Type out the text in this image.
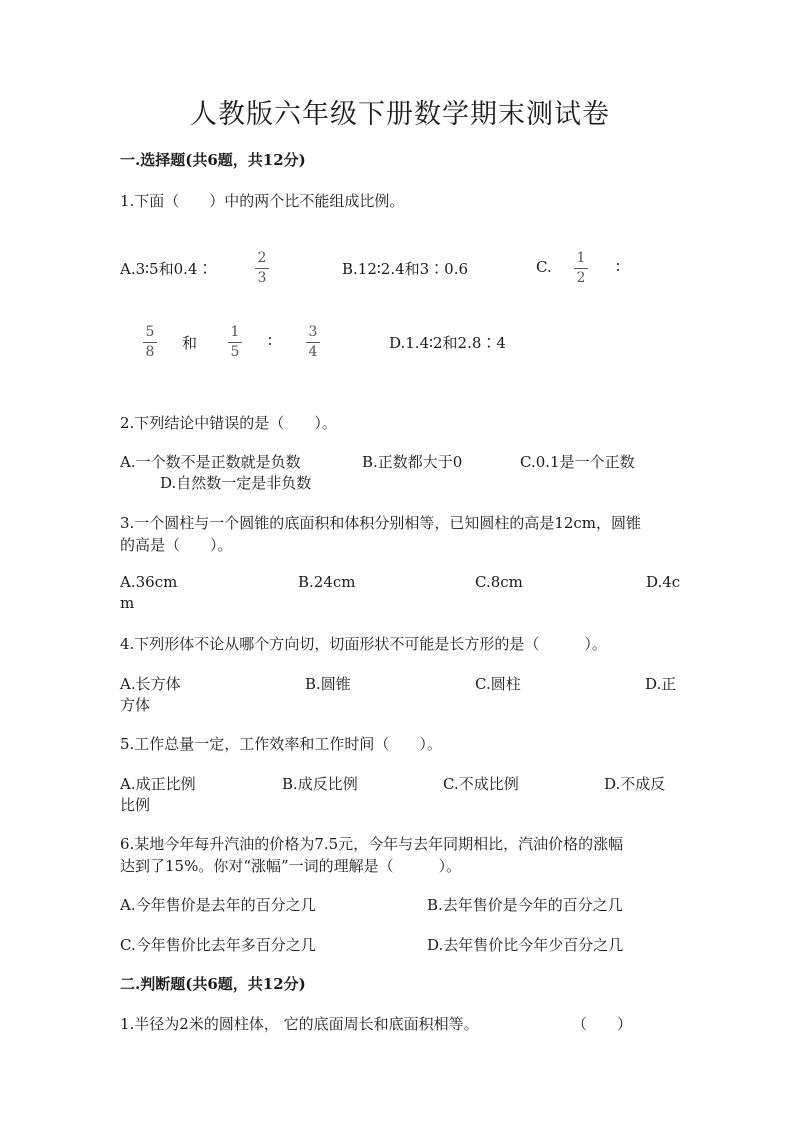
人教版六年级下册数学期末测试卷
一.选择题(共6题，共12分)
1.下面（　　）中的两个比不能组成比例。
A.3∶5和0.4∶
2
3	B.12∶2.4和3∶0.6	C. 1
2
∶
5
8 和
1
5
∶	3
4	D.1.4∶2和2.8∶4
2.下列结论中错误的是（　　）。
A.一个数不是正数就是负数	B.正数都大于0	C.0.1是一个正数
D.自然数一定是非负数
3.一个圆柱与一个圆锥的底面积和体积分别相等，已知圆柱的高是12cm，圆锥
的高是（　　）。
A.36cm	B.24cm	C.8cm	D.4c
m
4.下列形体不论从哪个方向切，切面形状不可能是长方形的是（　　　）。
A.长方体	B.圆锥	C.圆柱	D.正
方体
5.工作总量一定，工作效率和工作时间（　　）。
A.成正比例	B.成反比例	C.不成比例	D.不成反
比例
6.某地今年每升汽油的价格为7.5元，今年与去年同期相比，汽油价格的涨幅
达到了15%。你对“涨幅”一词的理解是（　　　）。
A.今年售价是去年的百分之几	B.去年售价是今年的百分之几
C.今年售价比去年多百分之几	D.去年售价比今年少百分之几
二.判断题(共6题，共12分)
1.半径为2米的圆柱体， 它的底面周长和底面积相等。	（　　）
